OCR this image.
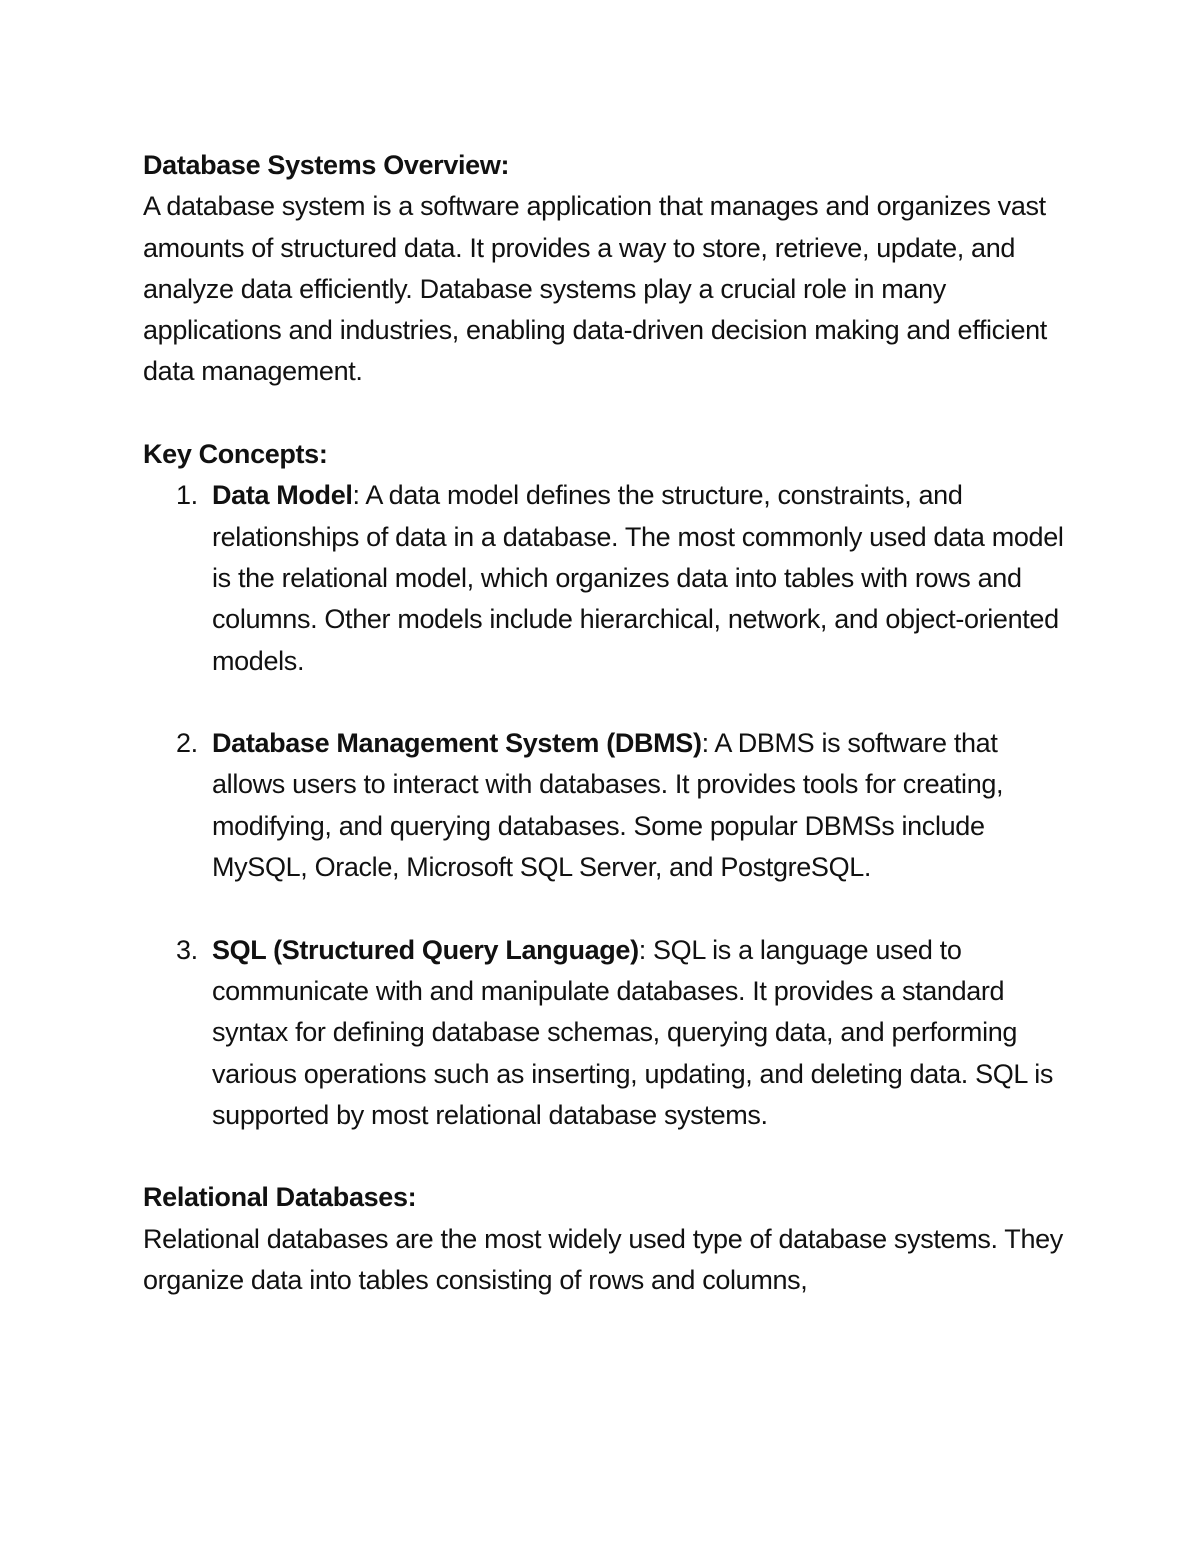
Database Systems Overview:

A database system is a software application that manages and organizes vast amounts of structured data. It provides a way to store, retrieve, update, and analyze data efficiently. Database systems play a crucial role in many applications and industries, enabling data-driven decision making and efficient data management.

Key Concepts:

1. Data Model: A data model defines the structure, constraints, and relationships of data in a database. The most commonly used data model is the relational model, which organizes data into tables with rows and columns. Other models include hierarchical, network, and object-oriented models.
2. Database Management System (DBMS): A DBMS is software that allows users to interact with databases. It provides tools for creating, modifying, and querying databases. Some popular DBMSs include MySQL, Oracle, Microsoft SQL Server, and PostgreSQL.
3. SQL (Structured Query Language): SQL is a language used to communicate with and manipulate databases. It provides a standard syntax for defining database schemas, querying data, and performing various operations such as inserting, updating, and deleting data. SQL is supported by most relational database systems.

Relational Databases:

Relational databases are the most widely used type of database systems. They organize data into tables consisting of rows and columns,
